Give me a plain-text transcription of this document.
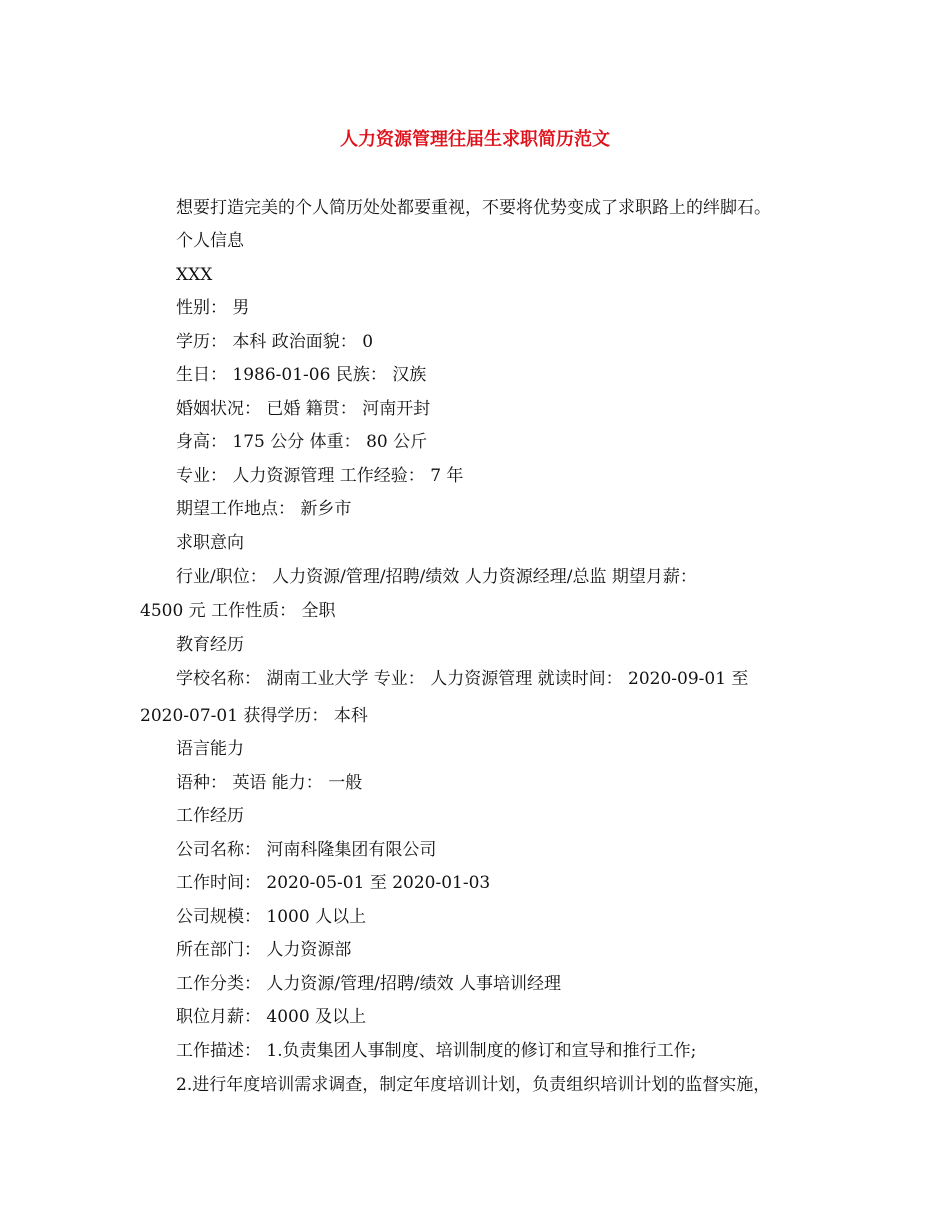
人力资源管理往届生求职简历范文
想要打造完美的个人简历处处都要重视，不要将优势变成了求职路上的绊脚石。
个人信息
XXX
性别： 男
学历： 本科 政治面貌： 0
生日： 1986-01-06 民族： 汉族
婚姻状况： 已婚 籍贯： 河南开封
身高： 175 公分 体重： 80 公斤
专业： 人力资源管理 工作经验： 7 年
期望工作地点： 新乡市
求职意向
行业/职位： 人力资源/管理/招聘/绩效 人力资源经理/总监 期望月薪：
4500 元 工作性质： 全职
教育经历
学校名称： 湖南工业大学 专业： 人力资源管理 就读时间： 2020-09-01 至
2020-07-01 获得学历： 本科
语言能力
语种： 英语 能力： 一般
工作经历
公司名称： 河南科隆集团有限公司
工作时间： 2020-05-01 至 2020-01-03
公司规模： 1000 人以上
所在部门： 人力资源部
工作分类： 人力资源/管理/招聘/绩效 人事培训经理
职位月薪： 4000 及以上
工作描述： 1.负责集团人事制度、培训制度的修订和宣导和推行工作;
2.进行年度培训需求调查，制定年度培训计划，负责组织培训计划的监督实施，
